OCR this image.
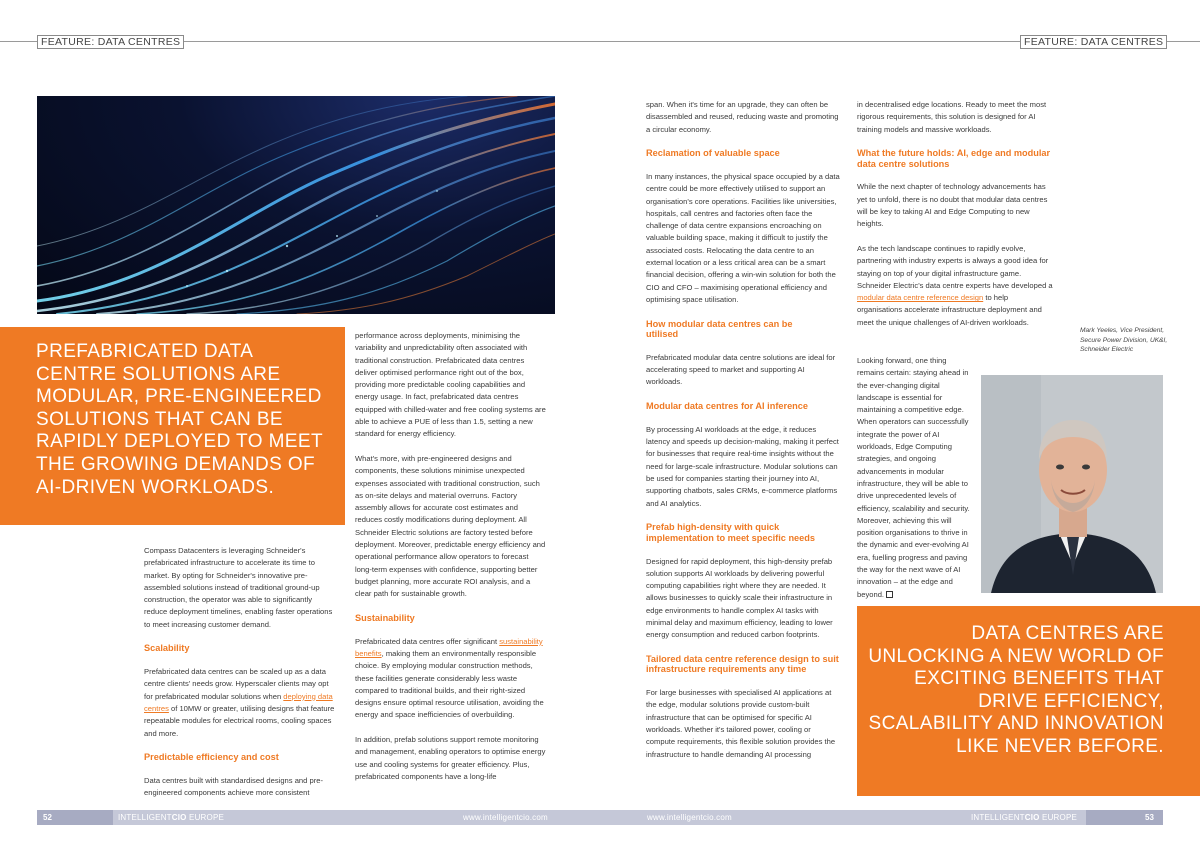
FEATURE: DATA CENTRES	FEATURE: DATA CENTRES
PREFABRICATED DATA CENTRE SOLUTIONS ARE MODULAR, PRE-ENGINEERED SOLUTIONS THAT CAN BE RAPIDLY DEPLOYED TO MEET THE GROWING DEMANDS OF AI-DRIVEN WORKLOADS.

Compass Datacenters is leveraging Schneider's prefabricated infrastructure to accelerate its time to market. By opting for Schneider's innovative pre-assembled solutions instead of traditional ground-up construction, the operator was able to significantly reduce deployment timelines, enabling faster operations to meet increasing customer demand.

Scalability

Prefabricated data centres can be scaled up as a data centre clients' needs grow. Hyperscaler clients may opt for prefabricated modular solutions when deploying data centres of 10MW or greater, utilising designs that feature repeatable modules for electrical rooms, cooling spaces and more.

Predictable efficiency and cost

Data centres built with standardised designs and pre-engineered components achieve more consistent

performance across deployments, minimising the variability and unpredictability often associated with traditional construction. Prefabricated data centres deliver optimised performance right out of the box, providing more predictable cooling capabilities and energy usage. In fact, prefabricated data centres equipped with chilled-water and free cooling systems are able to achieve a PUE of less than 1.5, setting a new standard for energy efficiency.

What's more, with pre-engineered designs and components, these solutions minimise unexpected expenses associated with traditional construction, such as on-site delays and material overruns. Factory assembly allows for accurate cost estimates and reduces costly modifications during deployment. All Schneider Electric solutions are factory tested before deployment. Moreover, predictable energy efficiency and operational performance allow operators to forecast long-term expenses with confidence, supporting better budget planning, more accurate ROI analysis, and a clear path for sustainable growth.

Sustainability

Prefabricated data centres offer significant sustainability benefits, making them an environmentally responsible choice. By employing modular construction methods, these facilities generate considerably less waste compared to traditional builds, and their right-sized designs ensure optimal resource utilisation, avoiding the energy and space inefficiencies of overbuilding.

In addition, prefab solutions support remote monitoring and management, enabling operators to optimise energy use and cooling systems for greater efficiency. Plus, prefabricated components have a long-life

span. When it's time for an upgrade, they can often be disassembled and reused, reducing waste and promoting a circular economy.

Reclamation of valuable space

In many instances, the physical space occupied by a data centre could be more effectively utilised to support an organisation's core operations. Facilities like universities, hospitals, call centres and factories often face the challenge of data centre expansions encroaching on valuable building space, making it difficult to justify the associated costs. Relocating the data centre to an external location or a less critical area can be a smart financial decision, offering a win-win solution for both the CIO and CFO – maximising operational efficiency and optimising space utilisation.

How modular data centres can be utilised

Prefabricated modular data centre solutions are ideal for accelerating speed to market and supporting AI workloads.

Modular data centres for AI inference

By processing AI workloads at the edge, it reduces latency and speeds up decision-making, making it perfect for businesses that require real-time insights without the need for large-scale infrastructure. Modular solutions can be used for companies starting their journey into AI, supporting chatbots, sales CRMs, e-commerce platforms and AI analytics.

Prefab high-density with quick implementation to meet specific needs

Designed for rapid deployment, this high-density prefab solution supports AI workloads by delivering powerful computing capabilities right where they are needed. It allows businesses to quickly scale their infrastructure in edge environments to handle complex AI tasks with minimal delay and maximum efficiency, leading to lower energy consumption and reduced carbon footprints.

Tailored data centre reference design to suit infrastructure requirements any time

For large businesses with specialised AI applications at the edge, modular solutions provide custom-built infrastructure that can be optimised for specific AI workloads. Whether it's tailored power, cooling or compute requirements, this flexible solution provides the infrastructure to handle demanding AI processing

in decentralised edge locations. Ready to meet the most rigorous requirements, this solution is designed for AI training models and massive workloads.

What the future holds: AI, edge and modular data centre solutions

While the next chapter of technology advancements has yet to unfold, there is no doubt that modular data centres will be key to taking AI and Edge Computing to new heights.

As the tech landscape continues to rapidly evolve, partnering with industry experts is always a good idea for staying on top of your digital infrastructure game. Schneider Electric's data centre experts have developed a modular data centre reference design to help organisations accelerate infrastructure deployment and meet the unique challenges of AI-driven workloads.

Looking forward, one thing remains certain: staying ahead in the ever-changing digital landscape is essential for maintaining a competitive edge. When operators can successfully integrate the power of AI workloads, Edge Computing strategies, and ongoing advancements in modular infrastructure, they will be able to drive unprecedented levels of efficiency, scalability and security. Moreover, achieving this will position organisations to thrive in the dynamic and ever-evolving AI era, fuelling progress and paving the way for the next wave of AI innovation – at the edge and beyond.

Mark Yeeles, Vice President, Secure Power Division, UK&I, Schneider Electric
DATA CENTRES ARE UNLOCKING A NEW WORLD OF EXCITING BENEFITS THAT DRIVE EFFICIENCY, SCALABILITY AND INNOVATION LIKE NEVER BEFORE.
52	INTELLIGENTCIO EUROPE	www.intelligentcio.com	www.intelligentcio.com	INTELLIGENTCIO EUROPE	53
